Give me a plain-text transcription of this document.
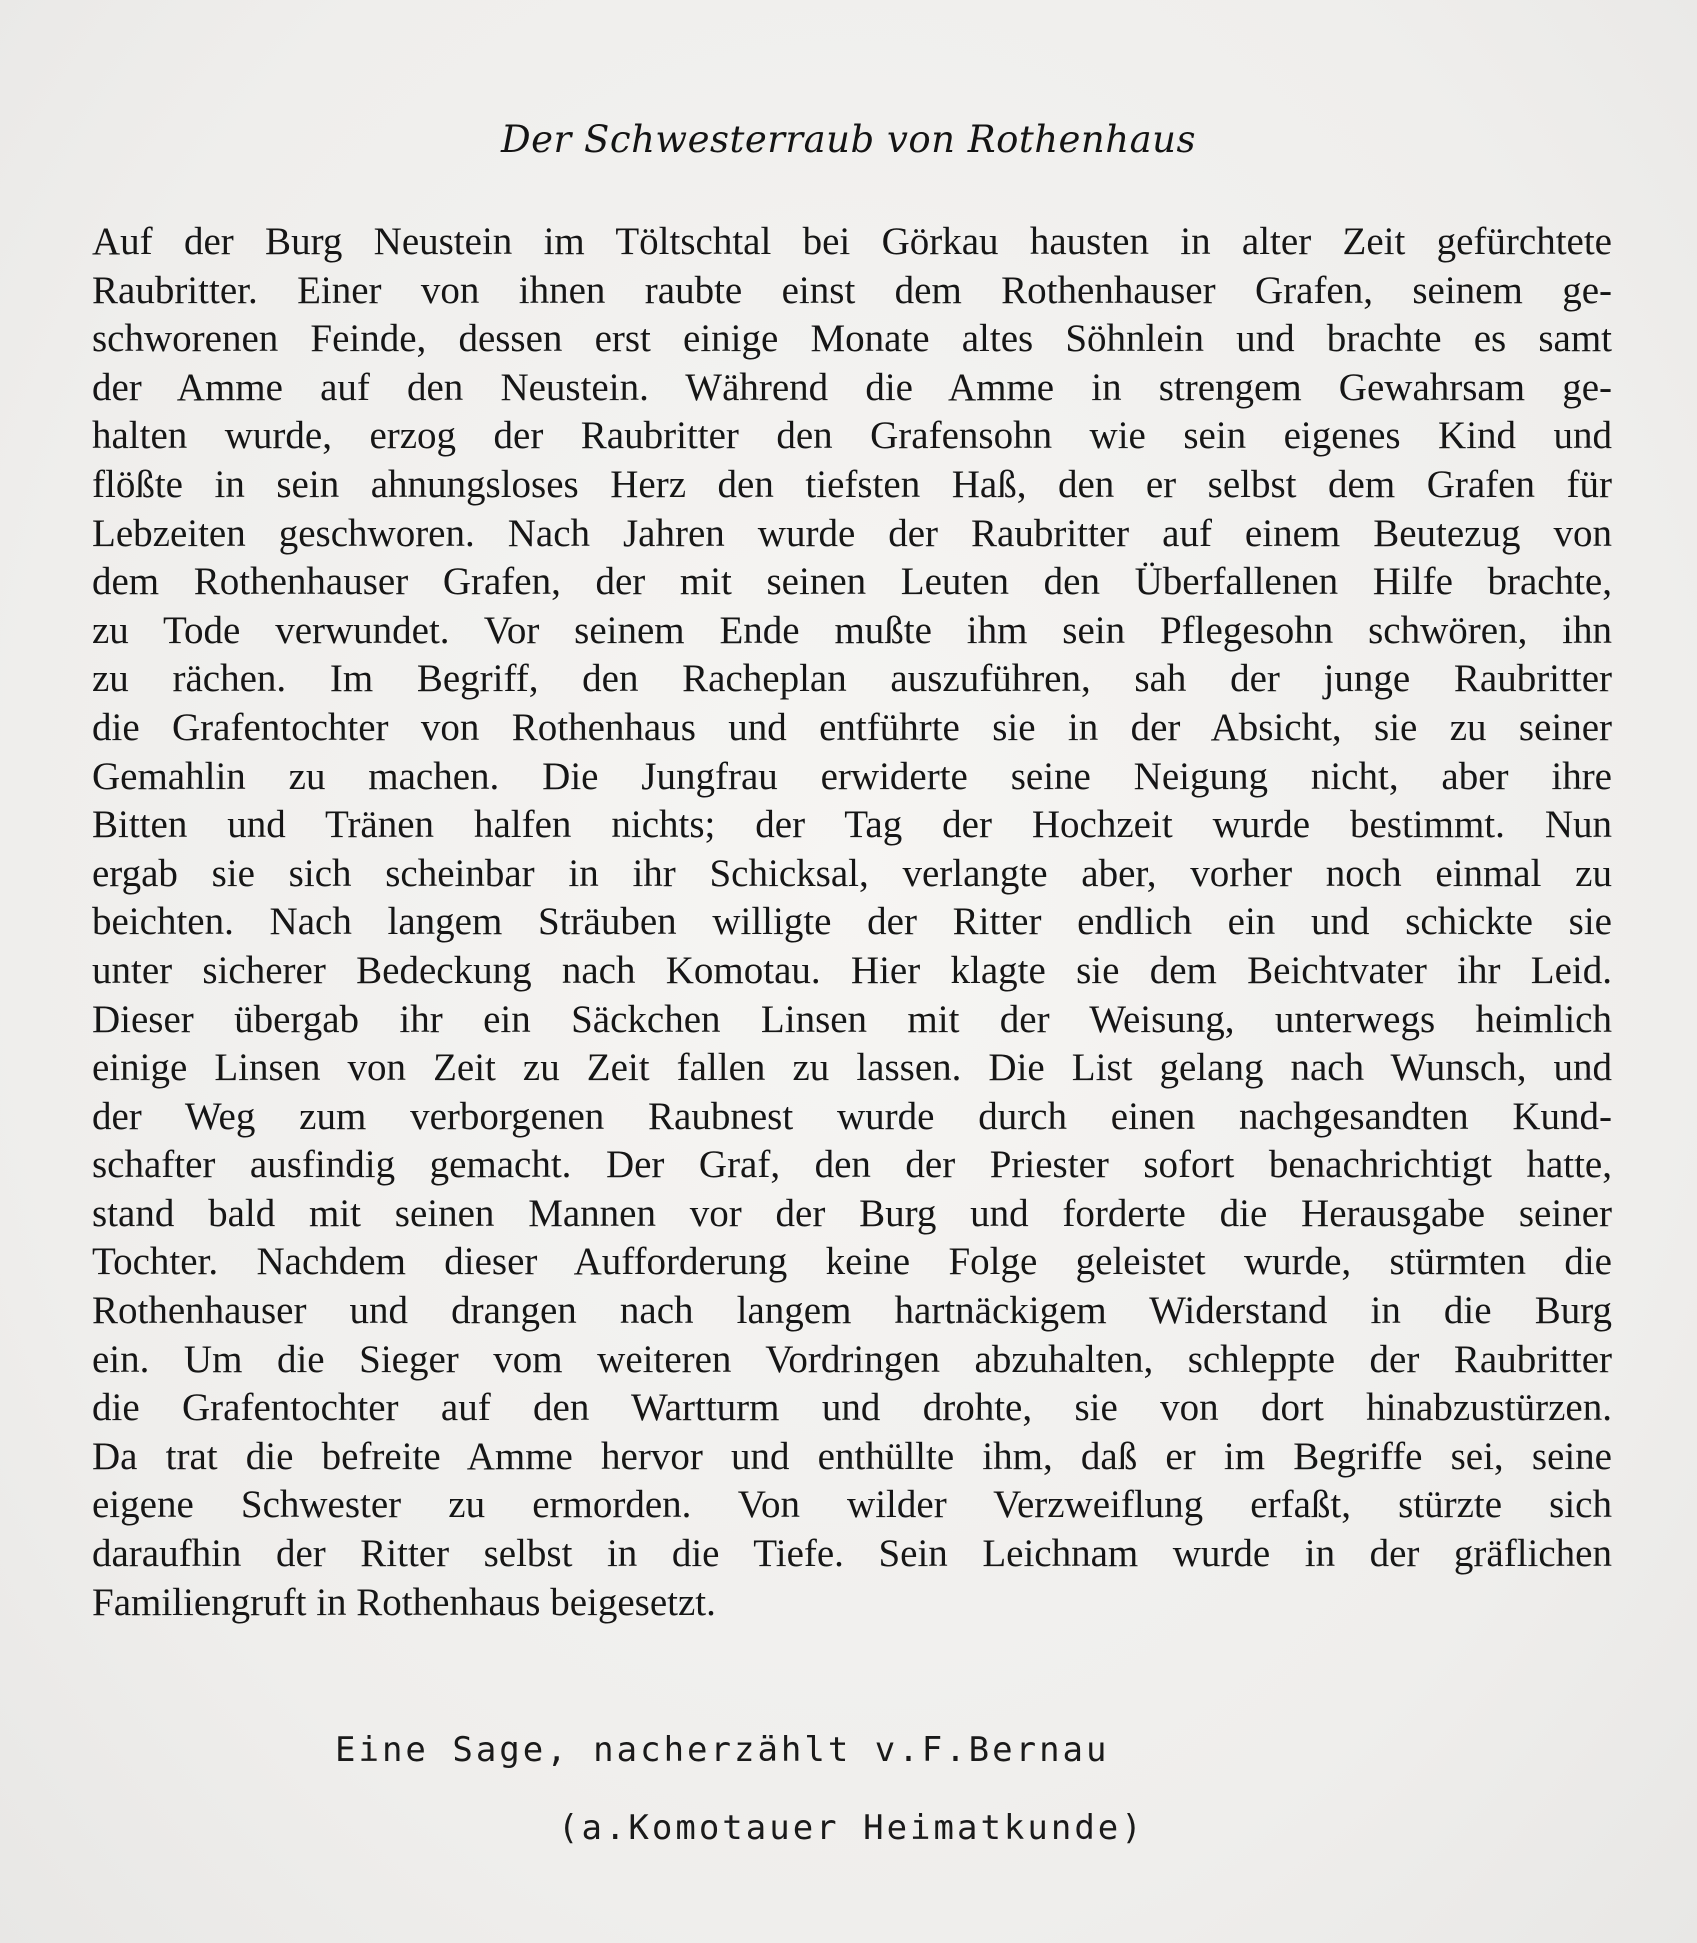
Der Schwesterraub von Rothenhaus
Auf der Burg Neustein im Töltschtal bei Görkau hausten in alter Zeit gefürchtete
Raubritter. Einer von ihnen raubte einst dem Rothenhauser Grafen, seinem ge-
schworenen Feinde, dessen erst einige Monate altes Söhnlein und brachte es samt
der Amme auf den Neustein. Während die Amme in strengem Gewahrsam ge-
halten wurde, erzog der Raubritter den Grafensohn wie sein eigenes Kind und
flößte in sein ahnungsloses Herz den tiefsten Haß, den er selbst dem Grafen für
Lebzeiten geschworen. Nach Jahren wurde der Raubritter auf einem Beutezug von
dem Rothenhauser Grafen, der mit seinen Leuten den Überfallenen Hilfe brachte,
zu Tode verwundet. Vor seinem Ende mußte ihm sein Pflegesohn schwören, ihn
zu rächen. Im Begriff, den Racheplan auszuführen, sah der junge Raubritter
die Grafentochter von Rothenhaus und entführte sie in der Absicht, sie zu seiner
Gemahlin zu machen. Die Jungfrau erwiderte seine Neigung nicht, aber ihre
Bitten und Tränen halfen nichts; der Tag der Hochzeit wurde bestimmt. Nun
ergab sie sich scheinbar in ihr Schicksal, verlangte aber, vorher noch einmal zu
beichten. Nach langem Sträuben willigte der Ritter endlich ein und schickte sie
unter sicherer Bedeckung nach Komotau. Hier klagte sie dem Beichtvater ihr Leid.
Dieser übergab ihr ein Säckchen Linsen mit der Weisung, unterwegs heimlich
einige Linsen von Zeit zu Zeit fallen zu lassen. Die List gelang nach Wunsch, und
der Weg zum verborgenen Raubnest wurde durch einen nachgesandten Kund-
schafter ausfindig gemacht. Der Graf, den der Priester sofort benachrichtigt hatte,
stand bald mit seinen Mannen vor der Burg und forderte die Herausgabe seiner
Tochter. Nachdem dieser Aufforderung keine Folge geleistet wurde, stürmten die
Rothenhauser und drangen nach langem hartnäckigem Widerstand in die Burg
ein. Um die Sieger vom weiteren Vordringen abzuhalten, schleppte der Raubritter
die Grafentochter auf den Wartturm und drohte, sie von dort hinabzustürzen.
Da trat die befreite Amme hervor und enthüllte ihm, daß er im Begriffe sei, seine
eigene Schwester zu ermorden. Von wilder Verzweiflung erfaßt, stürzte sich
daraufhin der Ritter selbst in die Tiefe. Sein Leichnam wurde in der gräflichen
Familiengruft in Rothenhaus beigesetzt.
Eine Sage, nacherzählt v.F.Bernau
(a.Komotauer Heimatkunde)
